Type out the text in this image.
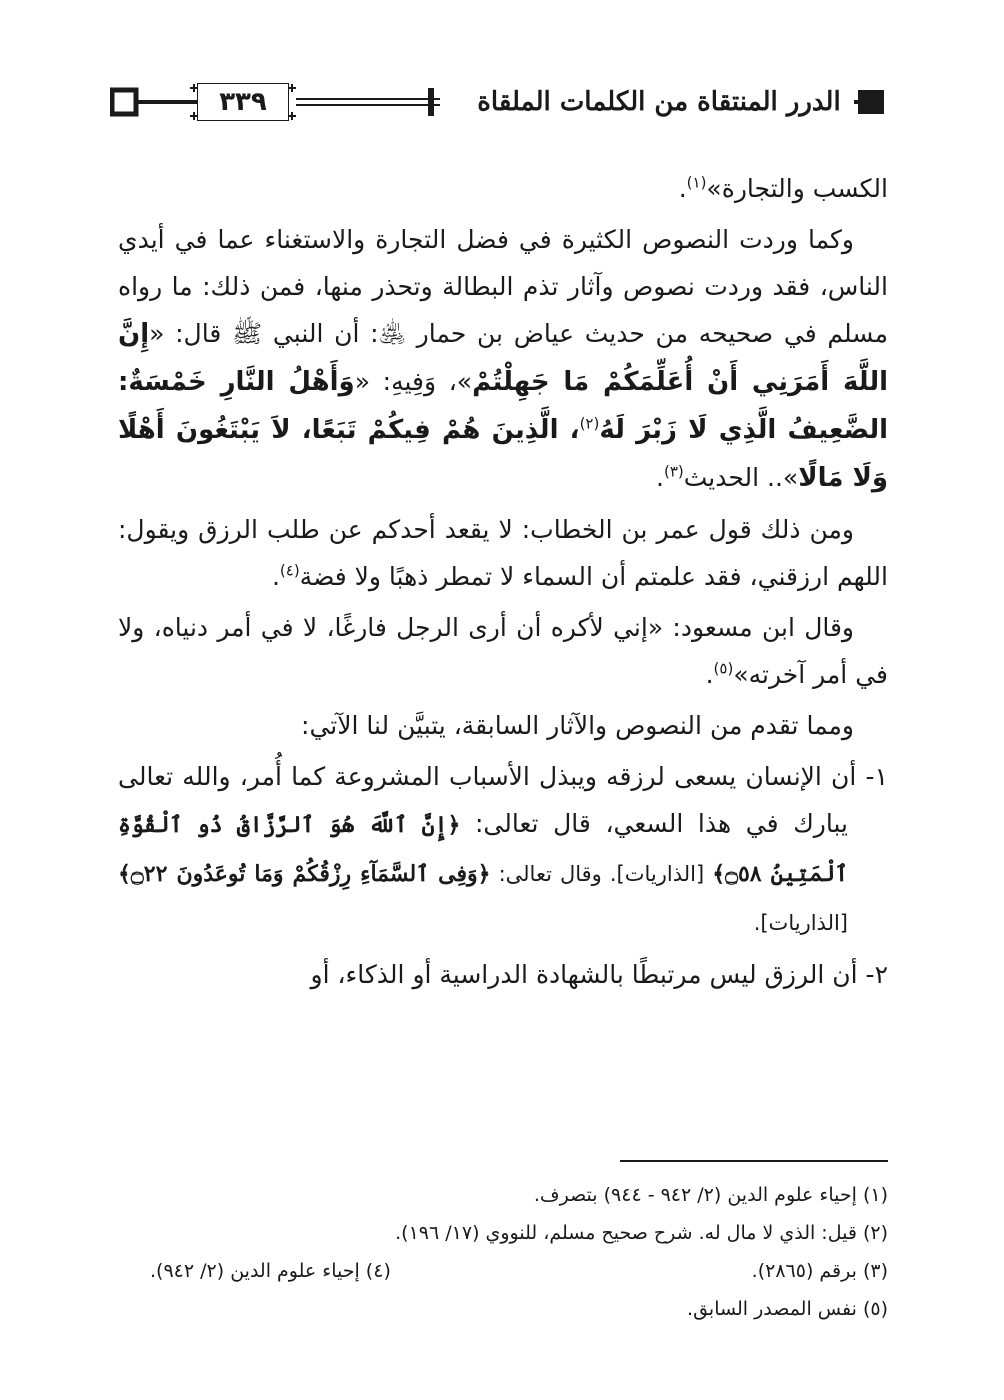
٣٣٩	الدرر المنتقاة من الكلمات الملقاة

الكسب والتجارة»$^{(١)}$.

وكما وردت النصوص الكثيرة في فضل التجارة والاستغناء عما في أيدي الناس، فقد وردت نصوص وآثار تذم البطالة وتحذر منها، فمن ذلك: ما رواه مسلم في صحيحه من حديث عياض بن حمار ﵁: أن النبي ﷺ قال: «إِنَّ اللَّهَ أَمَرَنِي أَنْ أُعَلِّمَكُمْ مَا جَهِلْتُمْ»، وَفِيهِ: «وَأَهْلُ النَّارِ خَمْسَةٌ: الضَّعِيفُ الَّذِي لَا زَبْرَ لَهُ$^{(٢)}$، الَّذِينَ هُمْ فِيكُمْ تَبَعًا، لاَ يَبْتَغُونَ أَهْلًا وَلَا مَالًا».. الحديث$^{(٣)}$.

ومن ذلك قول عمر بن الخطاب: لا يقعد أحدكم عن طلب الرزق ويقول: اللهم ارزقني، فقد علمتم أن السماء لا تمطر ذهبًا ولا فضة$^{(٤)}$.

وقال ابن مسعود: «إني لأكره أن أرى الرجل فارغًا، لا في أمر دنياه، ولا في أمر آخرته»$^{(٥)}$.

ومما تقدم من النصوص والآثار السابقة، يتبيَّن لنا الآتي:

١- أن الإنسان يسعى لرزقه ويبذل الأسباب المشروعة كما أُمر، والله تعالى يبارك في هذا السعي، قال تعالى: ﴿إِنَّ ٱللَّهَ هُوَ ٱلرَّزَّاقُ ذُو ٱلْقُوَّةِ ٱلْمَتِينُ ۝٥٨﴾ [الذاريات]. وقال تعالى: ﴿وَفِى ٱلسَّمَآءِ رِزْقُكُمْ وَمَا تُوعَدُونَ ۝٢٢﴾ [الذاريات].

٢- أن الرزق ليس مرتبطًا بالشهادة الدراسية أو الذكاء، أو

(١) إحياء علوم الدين (٢/ ٩٤٢ - ٩٤٤) بتصرف.

(٢) قيل: الذي لا مال له. شرح صحيح مسلم، للنووي (١٧/ ١٩٦).

(٣) برقم (٢٨٦٥).
(٤) إحياء علوم الدين (٢/ ٩٤٢).

(٥) نفس المصدر السابق.
